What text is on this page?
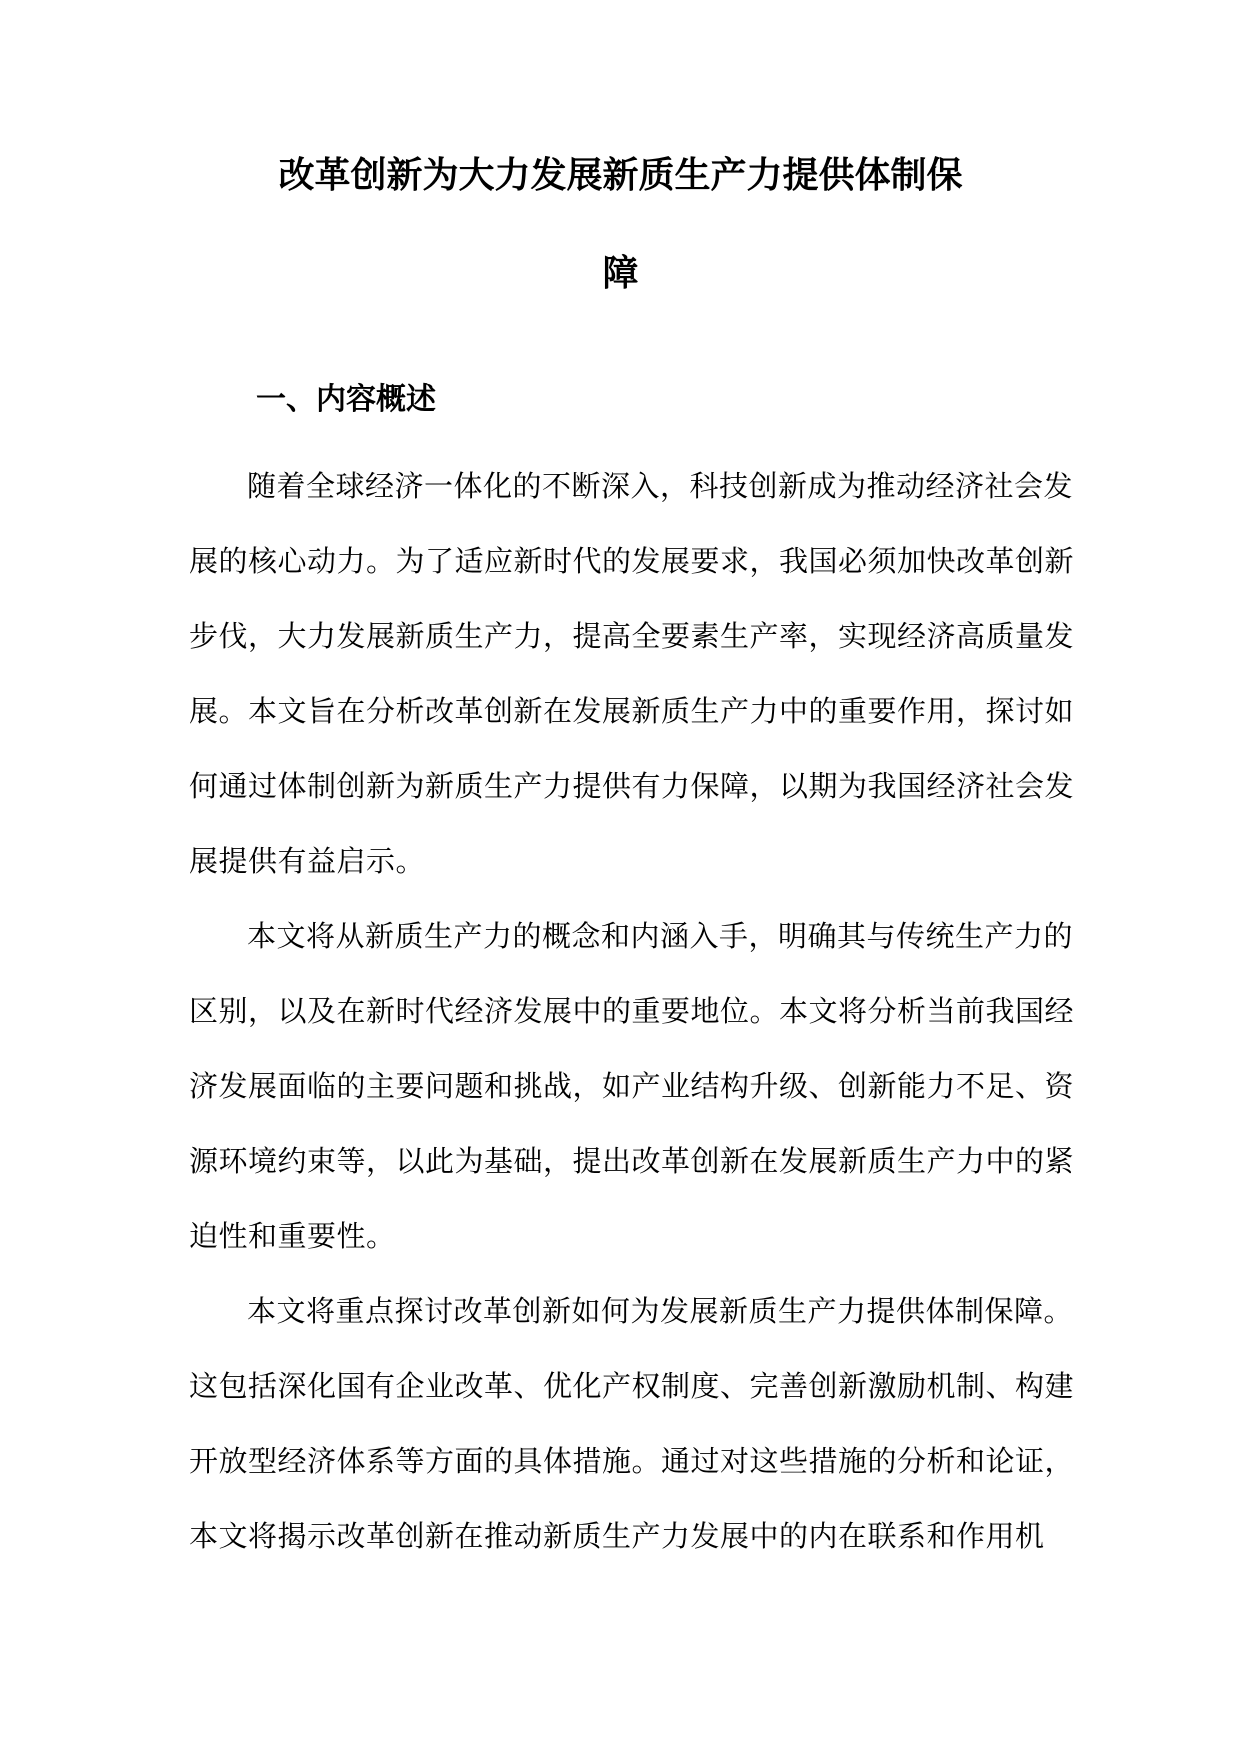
改革创新为大力发展新质生产力提供体制保
障
一、内容概述
随着全球经济一体化的不断深入，科技创新成为推动经济社会发
展的核心动力。为了适应新时代的发展要求，我国必须加快改革创新
步伐，大力发展新质生产力，提高全要素生产率，实现经济高质量发
展。本文旨在分析改革创新在发展新质生产力中的重要作用，探讨如
何通过体制创新为新质生产力提供有力保障，以期为我国经济社会发
展提供有益启示。
本文将从新质生产力的概念和内涵入手，明确其与传统生产力的
区别，以及在新时代经济发展中的重要地位。本文将分析当前我国经
济发展面临的主要问题和挑战，如产业结构升级、创新能力不足、资
源环境约束等，以此为基础，提出改革创新在发展新质生产力中的紧
迫性和重要性。
本文将重点探讨改革创新如何为发展新质生产力提供体制保障。
这包括深化国有企业改革、优化产权制度、完善创新激励机制、构建
开放型经济体系等方面的具体措施。通过对这些措施的分析和论证，
本文将揭示改革创新在推动新质生产力发展中的内在联系和作用机
